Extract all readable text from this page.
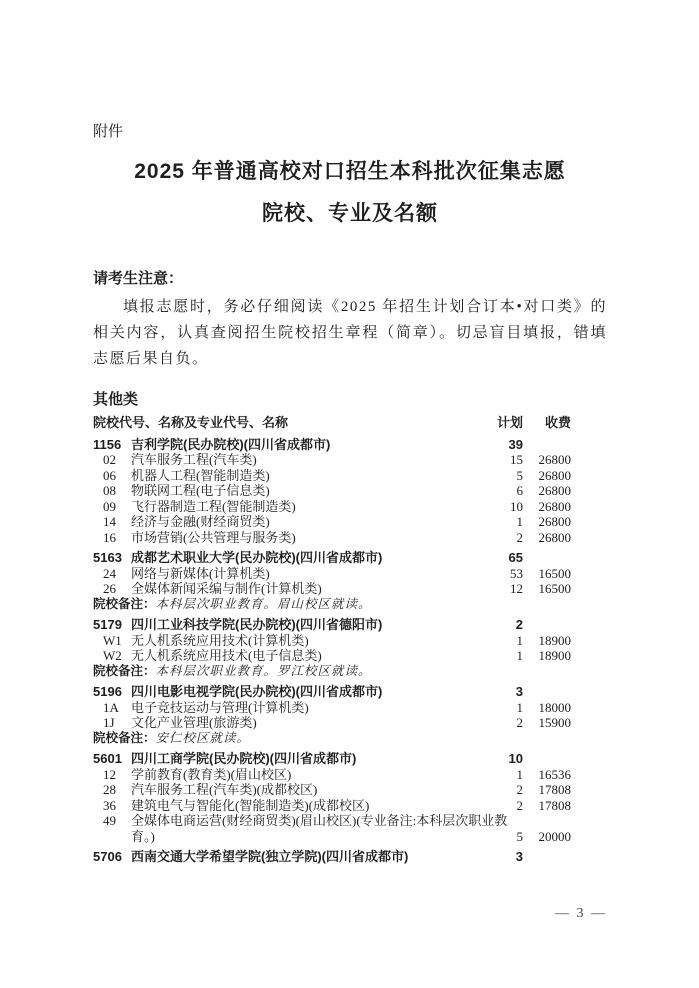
附件
2025 年普通高校对口招生本科批次征集志愿
院校、专业及名额
请考生注意：
填报志愿时，务必仔细阅读《2025 年招生计划合订本•对口类》的相关内容，认真查阅招生院校招生章程（简章）。切忌盲目填报，错填志愿后果自负。
其他类
院校代号、名称及专业代号、名称	计划 收费
1156 吉利学院(民办院校)(四川省成都市)	39
02 汽车服务工程(汽车类)	15 26800
06 机器人工程(智能制造类)	5 26800
08 物联网工程(电子信息类)	6 26800
09 飞行器制造工程(智能制造类)	10 26800
14 经济与金融(财经商贸类)	1 26800
16 市场营销(公共管理与服务类)	2 26800
5163 成都艺术职业大学(民办院校)(四川省成都市)	65
24 网络与新媒体(计算机类)	53 16500
26 全媒体新闻采编与制作(计算机类)	12 16500
院校备注：本科层次职业教育。眉山校区就读。
5179 四川工业科技学院(民办院校)(四川省德阳市)	2
W1 无人机系统应用技术(计算机类)	1 18900
W2 无人机系统应用技术(电子信息类)	1 18900
院校备注：本科层次职业教育。罗江校区就读。
5196 四川电影电视学院(民办院校)(四川省成都市)	3
1A 电子竞技运动与管理(计算机类)	1 18000
1J 文化产业管理(旅游类)	2 15900
院校备注：安仁校区就读。
5601 四川工商学院(民办院校)(四川省成都市)	10
12 学前教育(教育类)(眉山校区)	1 16536
28 汽车服务工程(汽车类)(成都校区)	2 17808
36 建筑电气与智能化(智能制造类)(成都校区)	2 17808
49 全媒体电商运营(财经商贸类)(眉山校区)(专业备注:本科层次职业教育。)	5 20000
5706 西南交通大学希望学院(独立学院)(四川省成都市)	3
— 3 —
